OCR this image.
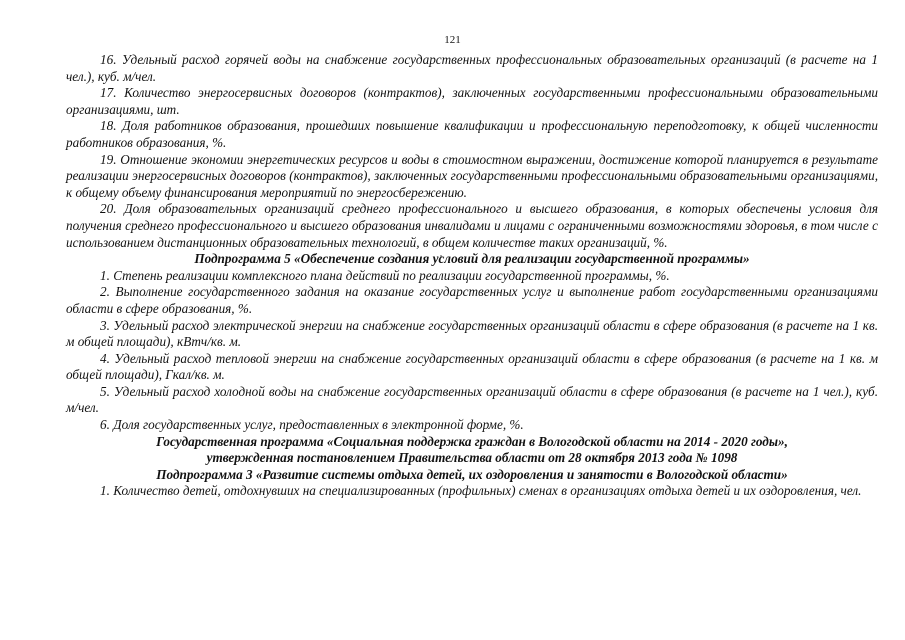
121

16. Удельный расход горячей воды на снабжение государственных профессиональных образовательных организаций (в расчете на 1 чел.), куб. м/чел.

17. Количество энергосервисных договоров (контрактов), заключенных государственными профессиональными образовательными организациями, шт.

18. Доля работников образования, прошедших повышение квалификации и профессиональную переподготовку, к общей численности работников образования, %.

19. Отношение экономии энергетических ресурсов и воды в стоимостном выражении, достижение которой планируется в результате реализации энергосервисных договоров (контрактов), заключенных государственными профессиональными образовательными организациями, к общему объему финансирования мероприятий по энергосбережению.

20. Доля образовательных организаций среднего профессионального и высшего образования, в которых обеспечены условия для получения среднего профессионального и высшего образования инвалидами и лицами с ограниченными возможностями здоровья, в том числе с использованием дистанционных образовательных технологий, в общем количестве таких организаций, %.

Подпрограмма 5 «Обеспечение создания условий для реализации государственной программы»

1. Степень реализации комплексного плана действий по реализации государственной программы, %.

2. Выполнение государственного задания на оказание государственных услуг и выполнение работ государственными организациями области в сфере образования, %.

3. Удельный расход электрической энергии на снабжение государственных организаций области в сфере образования (в расчете на 1 кв. м общей площади), кВтч/кв. м.

4. Удельный расход тепловой энергии на снабжение государственных организаций области в сфере образования (в расчете на 1 кв. м общей площади), Гкал/кв. м.

5. Удельный расход холодной воды на снабжение государственных организаций области в сфере образования (в расчете на 1 чел.), куб. м/чел.

6. Доля государственных услуг, предоставленных в электронной форме, %.

Государственная программа «Социальная поддержка граждан в Вологодской области на 2014 - 2020 годы»,

утвержденная постановлением Правительства области от 28 октября 2013 года № 1098

Подпрограмма 3 «Развитие системы отдыха детей, их оздоровления и занятости в Вологодской области»

1. Количество детей, отдохнувших на специализированных (профильных) сменах в организациях отдыха детей и их оздоровления, чел.
